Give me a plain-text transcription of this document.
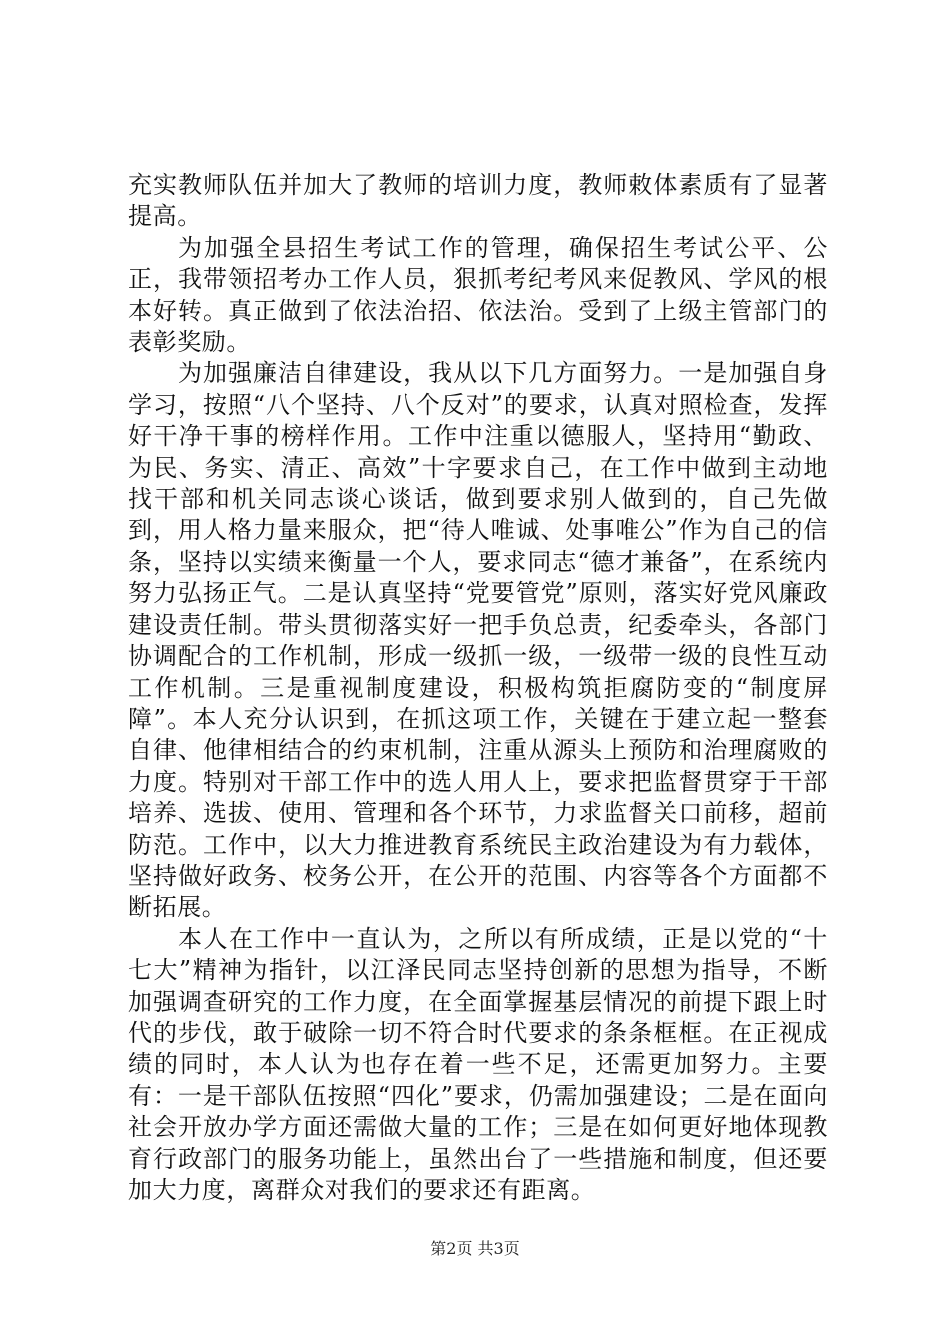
充实教师队伍并加大了教师的培训力度，教师敕体素质有了显著提高。

为加强全县招生考试工作的管理，确保招生考试公平、公正，我带领招考办工作人员，狠抓考纪考风来促教风、学风的根本好转。真正做到了依法治招、依法治。受到了上级主管部门的表彰奖励。

为加强廉洁自律建设，我从以下几方面努力。一是加强自身学习，按照“八个坚持、八个反对”的要求，认真对照检查，发挥好干净干事的榜样作用。工作中注重以德服人，坚持用“勤政、为民、务实、清正、高效”十字要求自己，在工作中做到主动地找干部和机关同志谈心谈话，做到要求别人做到的，自己先做到，用人格力量来服众，把“待人唯诚、处事唯公”作为自己的信条，坚持以实绩来衡量一个人，要求同志“德才兼备”，在系统内努力弘扬正气。二是认真坚持“党要管党”原则，落实好党风廉政建设责任制。带头贯彻落实好一把手负总责，纪委牵头，各部门协调配合的工作机制，形成一级抓一级，一级带一级的良性互动工作机制。三是重视制度建设，积极构筑拒腐防变的“制度屏障”。本人充分认识到，在抓这项工作，关键在于建立起一整套自律、他律相结合的约束机制，注重从源头上预防和治理腐败的力度。特别对干部工作中的选人用人上，要求把监督贯穿于干部培养、选拔、使用、管理和各个环节，力求监督关口前移，超前防范。工作中，以大力推进教育系统民主政治建设为有力载体，坚持做好政务、校务公开，在公开的范围、内容等各个方面都不断拓展。

本人在工作中一直认为，之所以有所成绩，正是以党的“十七大”精神为指针，以江泽民同志坚持创新的思想为指导，不断加强调查研究的工作力度，在全面掌握基层情况的前提下跟上时代的步伐，敢于破除一切不符合时代要求的条条框框。在正视成绩的同时，本人认为也存在着一些不足，还需更加努力。主要有：一是干部队伍按照“四化”要求，仍需加强建设；二是在面向社会开放办学方面还需做大量的工作；三是在如何更好地体现教育行政部门的服务功能上，虽然出台了一些措施和制度，但还要加大力度，离群众对我们的要求还有距离。

第2页 共3页
